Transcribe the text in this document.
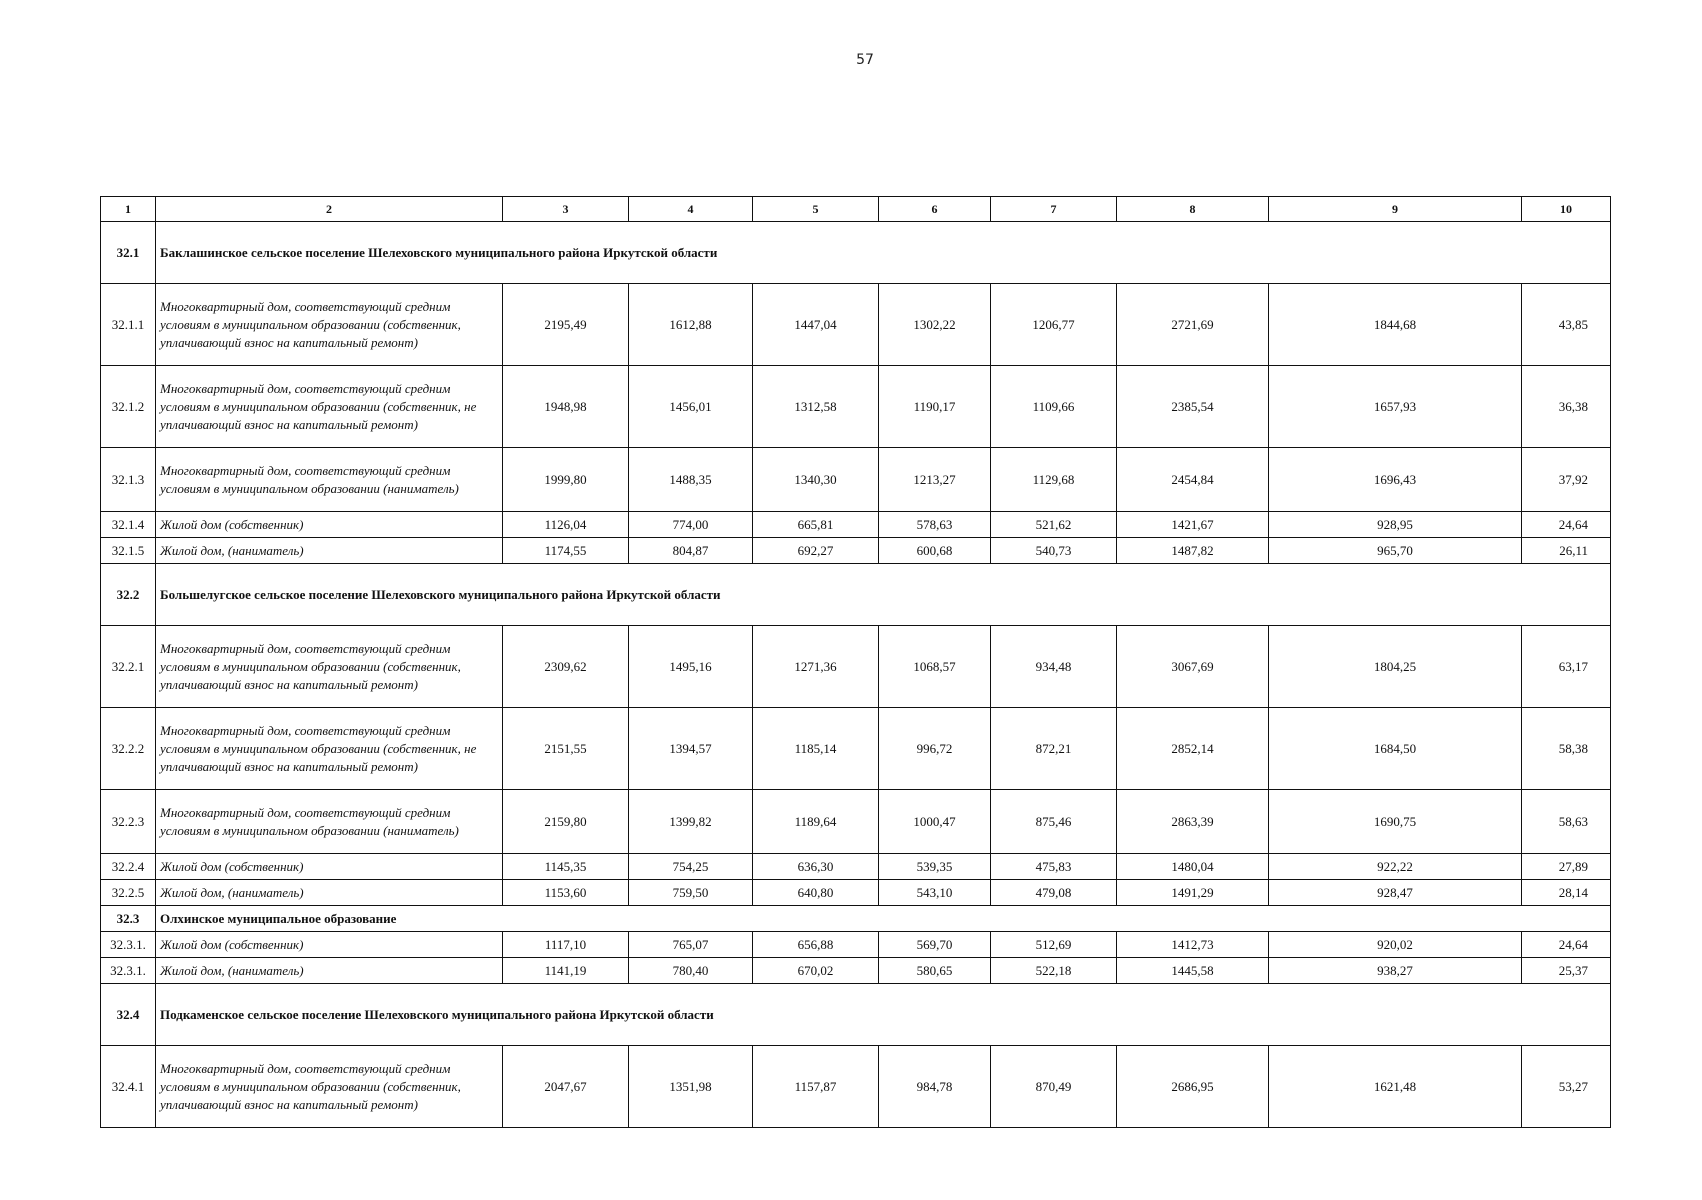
57
1	2	3	4	5	6	7	8	9	10
32.1	Баклашинское сельское поселение Шелеховского муниципального района Иркутской области								
32.1.1	Многоквартирный дом, соответствующий средним условиям в муниципальном образовании (собственник, уплачивающий взнос на капитальный ремонт)	2195,49	1612,88	1447,04	1302,22	1206,77	2721,69	1844,68	43,85
32.1.2	Многоквартирный дом, соответствующий средним условиям в муниципальном образовании (собственник, не уплачивающий взнос на капитальный ремонт)	1948,98	1456,01	1312,58	1190,17	1109,66	2385,54	1657,93	36,38
32.1.3	Многоквартирный дом, соответствующий средним условиям в муниципальном образовании (наниматель)	1999,80	1488,35	1340,30	1213,27	1129,68	2454,84	1696,43	37,92
32.1.4	Жилой дом (собственник)	1126,04	774,00	665,81	578,63	521,62	1421,67	928,95	24,64
32.1.5	Жилой дом, (наниматель)	1174,55	804,87	692,27	600,68	540,73	1487,82	965,70	26,11
32.2	Большелугское сельское поселение Шелеховского муниципального района Иркутской области								
32.2.1	Многоквартирный дом, соответствующий средним условиям в муниципальном образовании (собственник, уплачивающий взнос на капитальный ремонт)	2309,62	1495,16	1271,36	1068,57	934,48	3067,69	1804,25	63,17
32.2.2	Многоквартирный дом, соответствующий средним условиям в муниципальном образовании (собственник, не уплачивающий взнос на капитальный ремонт)	2151,55	1394,57	1185,14	996,72	872,21	2852,14	1684,50	58,38
32.2.3	Многоквартирный дом, соответствующий средним условиям в муниципальном образовании (наниматель)	2159,80	1399,82	1189,64	1000,47	875,46	2863,39	1690,75	58,63
32.2.4	Жилой дом (собственник)	1145,35	754,25	636,30	539,35	475,83	1480,04	922,22	27,89
32.2.5	Жилой дом, (наниматель)	1153,60	759,50	640,80	543,10	479,08	1491,29	928,47	28,14
32.3	Олхинское муниципальное образование								
32.3.1.	Жилой дом (собственник)	1117,10	765,07	656,88	569,70	512,69	1412,73	920,02	24,64
32.3.1.	Жилой дом, (наниматель)	1141,19	780,40	670,02	580,65	522,18	1445,58	938,27	25,37
32.4	Подкаменское сельское поселение Шелеховского муниципального района Иркутской области								
32.4.1	Многоквартирный дом, соответствующий средним условиям в муниципальном образовании (собственник, уплачивающий взнос на капитальный ремонт)	2047,67	1351,98	1157,87	984,78	870,49	2686,95	1621,48	53,27
